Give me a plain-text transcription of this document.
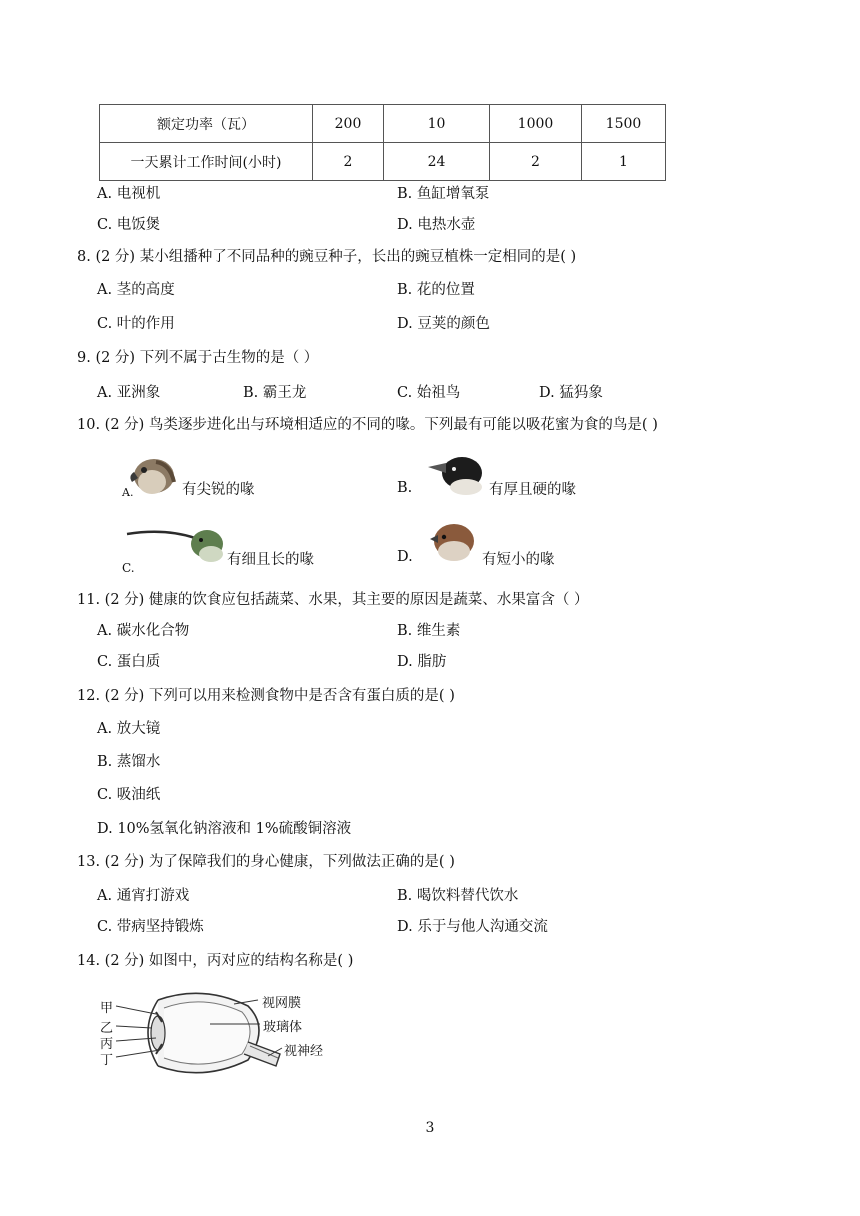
额定功率（瓦）	200	10	1000	1500
一天累计工作时间(小时)	2	24	2	1
A. 电视机	B. 鱼缸增氧泵
C. 电饭煲	D. 电热水壶
8. (2 分) 某小组播种了不同品种的豌豆种子，长出的豌豆植株一定相同的是( )
A. 茎的高度	B. 花的位置
C. 叶的作用	D. 豆荚的颜色
9. (2 分) 下列不属于古生物的是（ ）
A. 亚洲象	B. 霸王龙	C. 始祖鸟	D. 猛犸象
10. (2 分) 鸟类逐步进化出与环境相适应的不同的喙。下列最有可能以吸花蜜为食的鸟是( )
A.	有尖锐的喙	B.	有厚且硬的喙
C.	有细且长的喙	D.	有短小的喙
11. (2 分) 健康的饮食应包括蔬菜、水果，其主要的原因是蔬菜、水果富含（ ）
A. 碳水化合物	B. 维生素
C. 蛋白质	D. 脂肪
12. (2 分) 下列可以用来检测食物中是否含有蛋白质的是( )
A. 放大镜
B. 蒸馏水
C. 吸油纸
D. 10%氢氧化钠溶液和 1%硫酸铜溶液
13. (2 分) 为了保障我们的身心健康，下列做法正确的是( )
A. 通宵打游戏	B. 喝饮料替代饮水
C. 带病坚持锻炼	D. 乐于与他人沟通交流
14. (2 分) 如图中，丙对应的结构名称是( )
甲
乙
丙
丁
视网膜
玻璃体
视神经
3
